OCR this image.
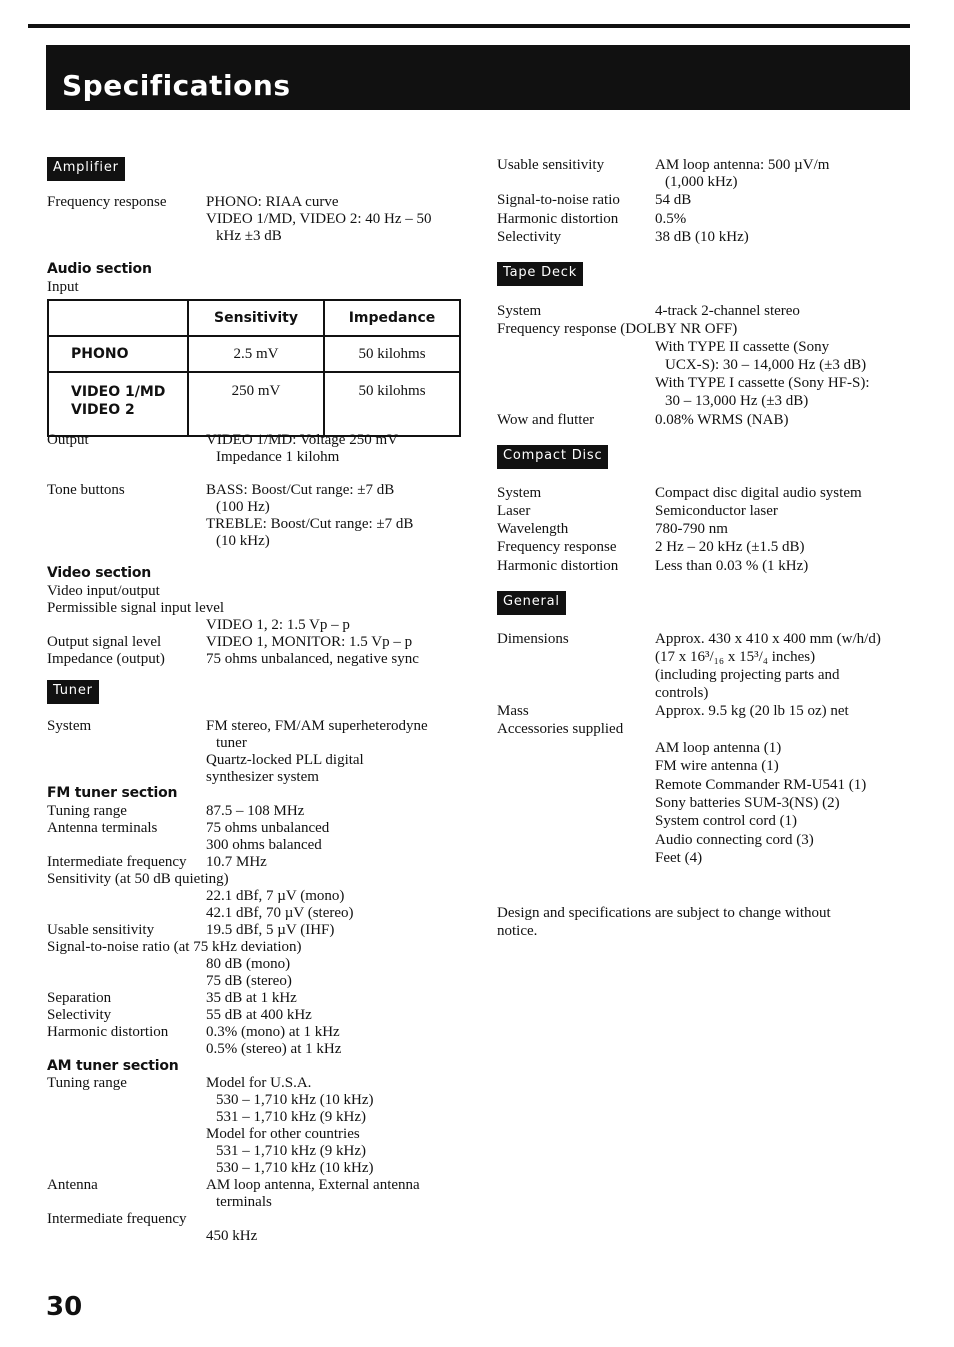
Specifications
Amplifier
Frequency response	PHONO: RIAA curve
VIDEO 1/MD, VIDEO 2: 40 Hz – 50
kHz ±3 dB
Audio section
Input
	Sensitivity	Impedance
PHONO	2.5 mV	50 kilohms

VIDEO 1/MD
VIDEO 2	250 mV	50 kilohms
Output	VIDEO 1/MD: Voltage 250 mV
Impedance 1 kilohm
Tone buttons	BASS: Boost/Cut range: ±7 dB
(100 Hz)
TREBLE: Boost/Cut range: ±7 dB
(10 kHz)
Video section
Video input/output
Permissible signal input level
VIDEO 1, 2: 1.5 Vp – p
Output signal level	VIDEO 1, MONITOR: 1.5 Vp – p
Impedance (output)	75 ohms unbalanced, negative sync
Tuner
System	FM stereo, FM/AM superheterodyne
tuner
Quartz-locked PLL digital
synthesizer system
FM tuner section
Tuning range	87.5 – 108 MHz
Antenna terminals	75 ohms unbalanced
300 ohms balanced
Intermediate frequency 10.7 MHz
Sensitivity (at 50 dB quieting)
22.1 dBf, 7 µV (mono)
42.1 dBf, 70 µV (stereo)
Usable sensitivity	19.5 dBf, 5 µV (IHF)
Signal-to-noise ratio (at 75 kHz deviation)
80 dB (mono)
75 dB (stereo)
Separation	35 dB at 1 kHz
Selectivity	55 dB at 400 kHz
Harmonic distortion	0.3% (mono) at 1 kHz
0.5% (stereo) at 1 kHz
AM tuner section
Tuning range	Model for U.S.A.
530 – 1,710 kHz (10 kHz)
531 – 1,710 kHz (9 kHz)
Model for other countries
531 – 1,710 kHz (9 kHz)
530 – 1,710 kHz (10 kHz)
Antenna	AM loop antenna, External antenna
terminals
Intermediate frequency
450 kHz
Usable sensitivity	AM loop antenna: 500 µV/m
(1,000 kHz)
Signal-to-noise ratio 54 dB
Harmonic distortion 0.5%
Selectivity	38 dB (10 kHz)
Tape Deck
System	4-track 2-channel stereo
Frequency response (DOLBY NR OFF)
With TYPE II cassette (Sony
UCX-S): 30 – 14,000 Hz (±3 dB)
With TYPE I cassette (Sony HF-S):
30 – 13,000 Hz (±3 dB)
Wow and flutter	0.08% WRMS (NAB)
Compact Disc
System	Compact disc digital audio system
Laser	Semiconductor laser
Wavelength	780-790 nm
Frequency response	2 Hz – 20 kHz (±1.5 dB)
Harmonic distortion Less than 0.03 % (1 kHz)
General
Dimensions	Approx. 430 x 410 x 400 mm (w/h/d)
(17 x 16³/₁₆ x 15³/₄ inches)
(including projecting parts and
controls)
Mass	Approx. 9.5 kg (20 lb 15 oz) net
Accessories supplied
AM loop antenna (1)
FM wire antenna (1)
Remote Commander RM-U541 (1)
Sony batteries SUM-3(NS) (2)
System control cord (1)
Audio connecting cord (3)
Feet (4)
Design and specifications are subject to change without
notice.
30
